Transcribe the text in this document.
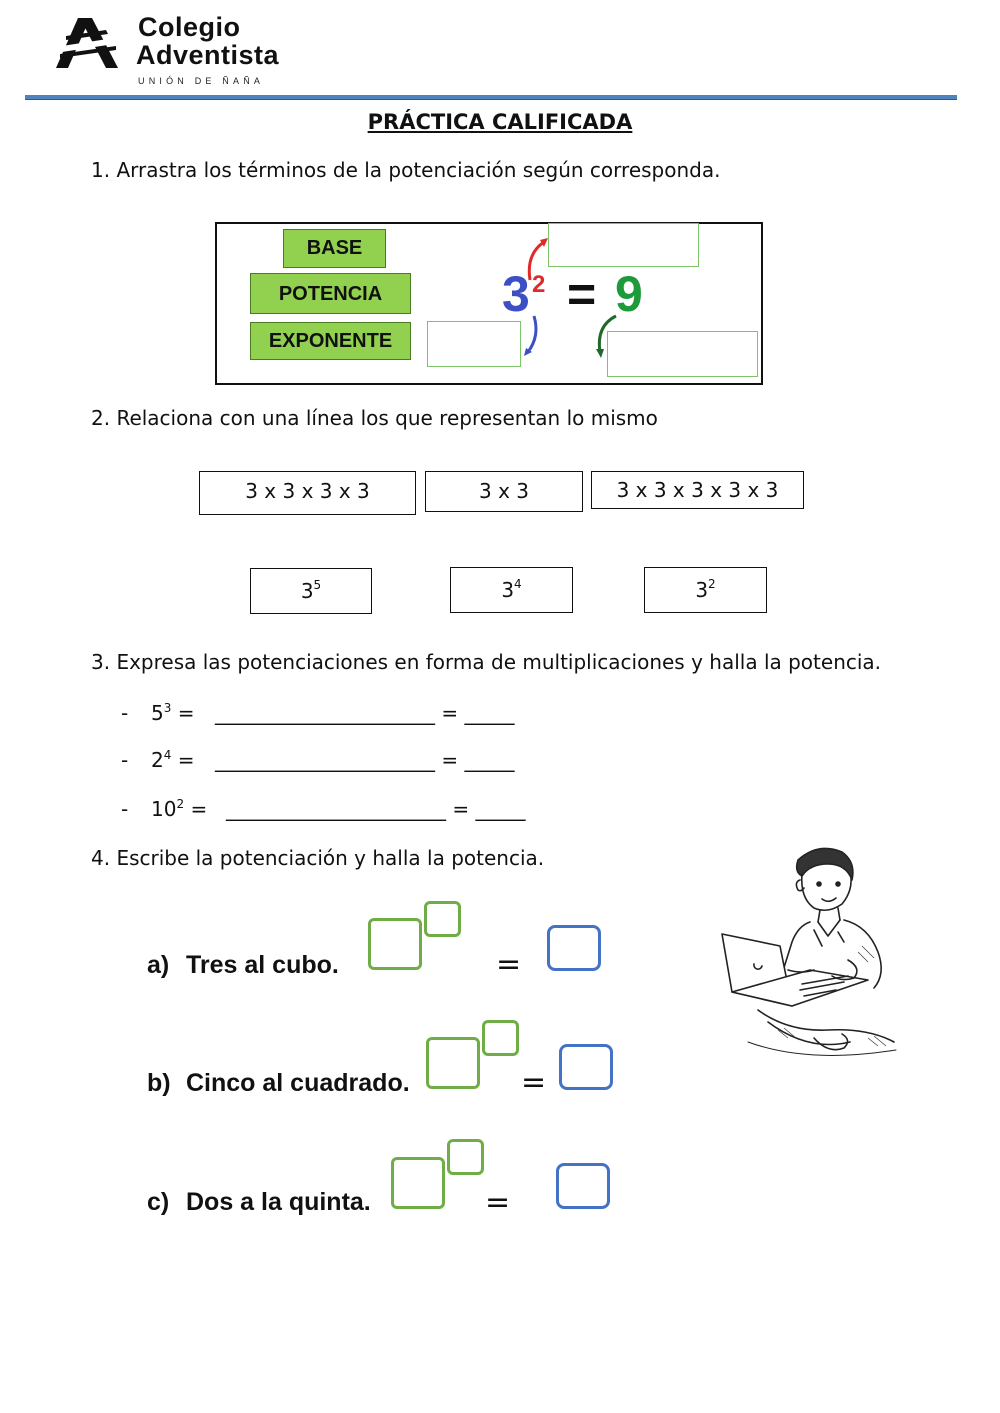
Colegio
Adventista
UNIÓN DE ÑAÑA
PRÁCTICA CALIFICADA
1. Arrastra los términos de la potenciación según corresponda.
BASE
POTENCIA
EXPONENTE
3 2 = 9
2. Relaciona con una línea los que representan lo mismo
3 x 3 x 3 x 3	3 x 3	3 x 3 x 3 x 3 x 3
$3^5$	$3^4$	$3^2$
3. Expresa las potenciaciones en forma de multiplicaciones y halla la potencia.
- $5^3$ = ______________________ = _____
- $2^4$ = ______________________ = _____
- $10^2$ = ______________________ = _____
4. Escribe la potenciación y halla la potencia.
a) Tres al cubo.	=
b) Cinco al cuadrado.	=
c) Dos a la quinta.	=
